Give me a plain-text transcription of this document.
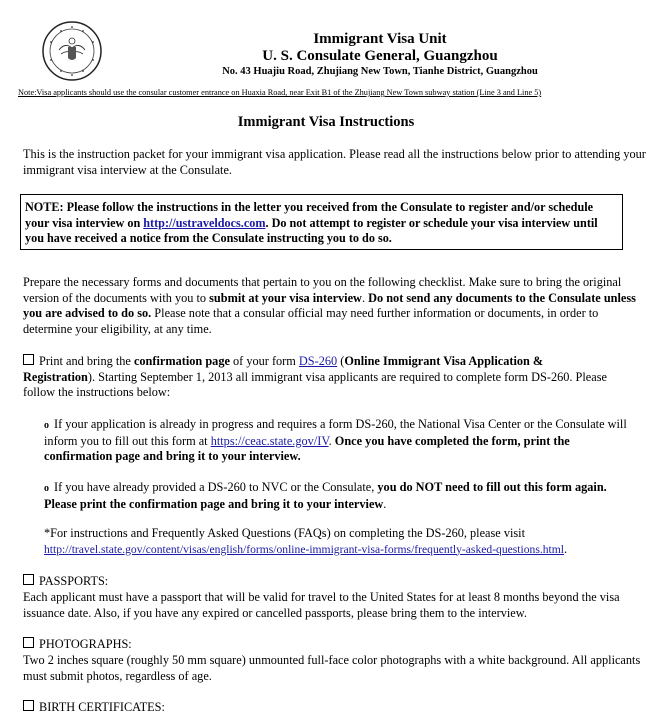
Immigrant Visa Unit
U. S. Consulate General, Guangzhou
No. 43 Huajiu Road, Zhujiang New Town, Tianhe District, Guangzhou
Note:Visa applicants should use the consular customer entrance on Huaxia Road, near Exit B1 of the Zhujiang New Town subway station (Line 3 and Line 5)
Immigrant Visa Instructions
This is the instruction packet for your immigrant visa application. Please read all the instructions below prior to attending your immigrant visa interview at the Consulate.
NOTE: Please follow the instructions in the letter you received from the Consulate to register and/or schedule your visa interview on http://ustraveldocs.com. Do not attempt to register or schedule your visa interview until you have received a notice from the Consulate instructing you to do so.
Prepare the necessary forms and documents that pertain to you on the following checklist. Make sure to bring the original version of the documents with you to submit at your visa interview. Do not send any documents to the Consulate unless you are advised to do so. Please note that a consular official may need further information or documents, in order to determine your eligibility, at any time.
Print and bring the confirmation page of your form DS-260 (Online Immigrant Visa Application & Registration). Starting September 1, 2013 all immigrant visa applicants are required to complete form DS-260. Please follow the instructions below:
o If your application is already in progress and requires a form DS-260, the National Visa Center or the Consulate will inform you to fill out this form at https://ceac.state.gov/IV. Once you have completed the form, print the confirmation page and bring it to your interview.
o If you have already provided a DS-260 to NVC or the Consulate, you do NOT need to fill out this form again. Please print the confirmation page and bring it to your interview.
*For instructions and Frequently Asked Questions (FAQs) on completing the DS-260, please visit http://travel.state.gov/content/visas/english/forms/online-immigrant-visa-forms/frequently-asked-questions.html.
PASSPORTS:
Each applicant must have a passport that will be valid for travel to the United States for at least 8 months beyond the visa issuance date. Also, if you have any expired or cancelled passports, please bring them to the interview.
PHOTOGRAPHS:
Two 2 inches square (roughly 50 mm square) unmounted full-face color photographs with a white background. All applicants must submit photos, regardless of age.
BIRTH CERTIFICATES:
